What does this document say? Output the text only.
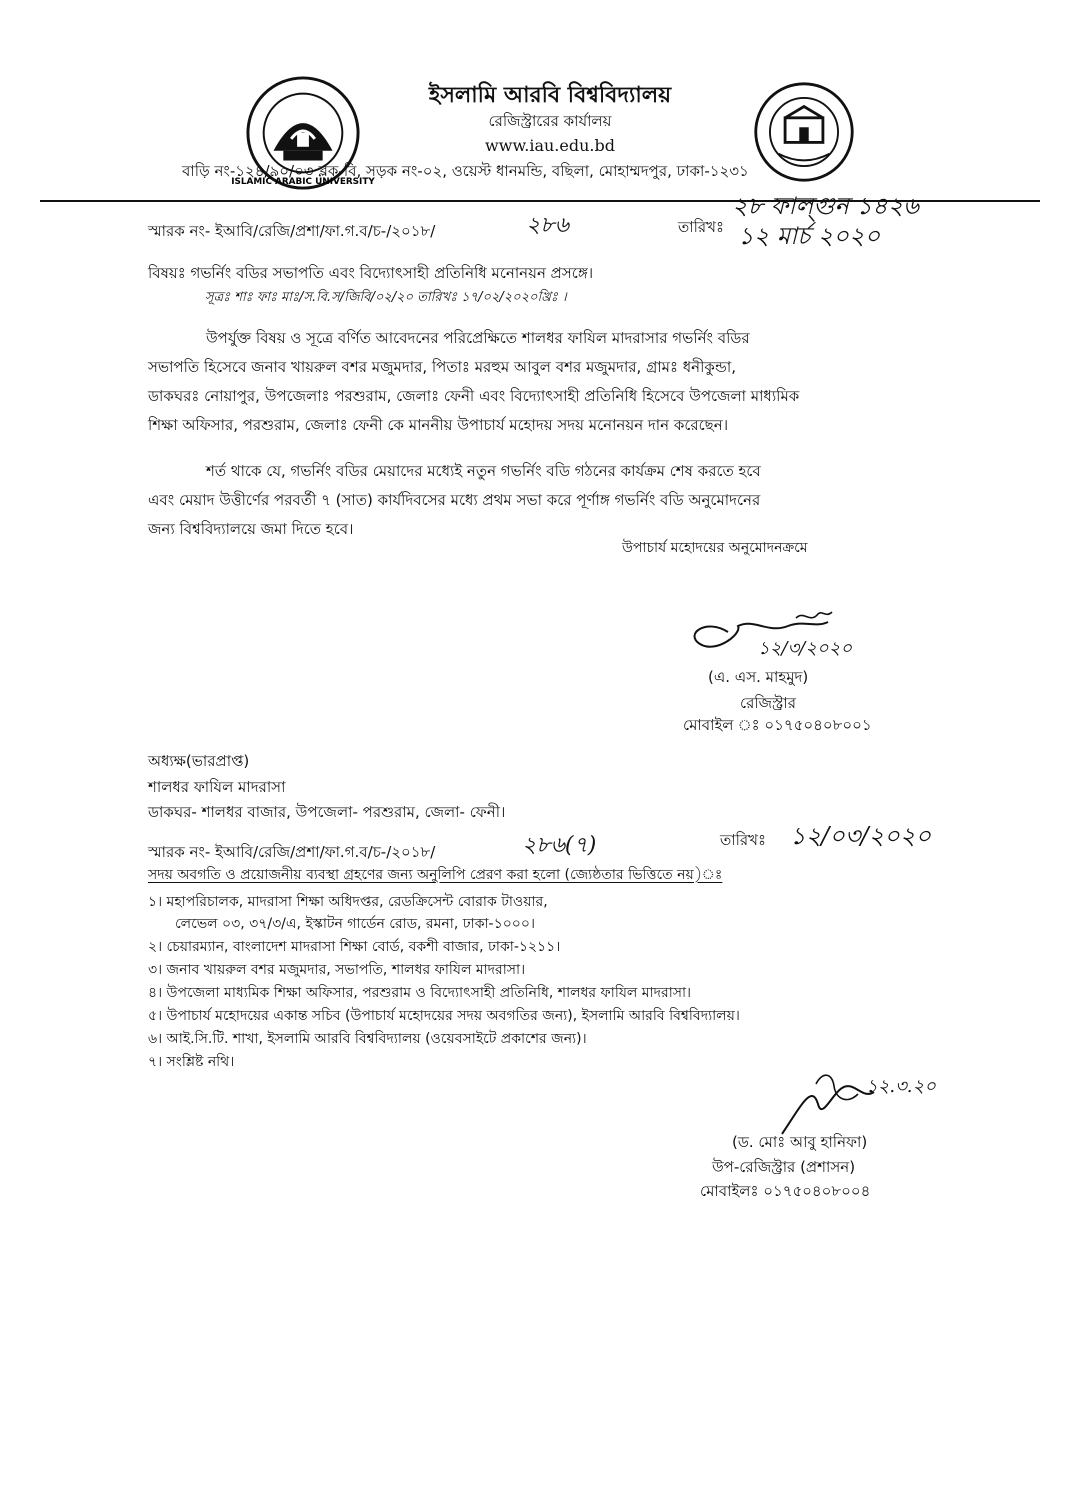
ISLAMIC ARABIC UNIVERSITY
ইসলামি আরবি বিশ্ববিদ্যালয়
রেজিস্ট্রারের কার্যালয়
www.iau.edu.bd
বাড়ি নং-১২৪/৯০/০৩ ব্লক-বি, সড়ক নং-০২, ওয়েস্ট ধানমন্ডি, বছিলা, মোহাম্মদপুর, ঢাকা-১২৩১
স্মারক নং- ইআবি/রেজি/প্রশা/ফা.গ.ব/চ-/২০১৮/	২৮৬	তারিখঃ
২৮ ফাল্গুন ১৪২৬
১২ মার্চ ২০২০
বিষয়ঃ গভর্নিং বডির সভাপতি এবং বিদ্যোৎসাহী প্রতিনিধি মনোনয়ন প্রসঙ্গে।
সূত্রঃ শাঃ ফাঃ মাঃ/স.বি.স/জিবি/০২/২০ তারিখঃ ১৭/০২/২০২০খ্রিঃ ।
উপর্যুক্ত বিষয় ও সূত্রে বর্ণিত আবেদনের পরিপ্রেক্ষিতে শালধর ফাযিল মাদরাসার গভর্নিং বডির
সভাপতি হিসেবে জনাব খায়রুল বশর মজুমদার, পিতাঃ মরহুম আবুল বশর মজুমদার, গ্রামঃ ধনীকুন্ডা,
ডাকঘরঃ নোয়াপুর, উপজেলাঃ পরশুরাম, জেলাঃ ফেনী এবং বিদ্যোৎসাহী প্রতিনিধি হিসেবে উপজেলা মাধ্যমিক
শিক্ষা অফিসার, পরশুরাম, জেলাঃ ফেনী কে মাননীয় উপাচার্য মহোদয় সদয় মনোনয়ন দান করেছেন।
শর্ত থাকে যে, গভর্নিং বডির মেয়াদের মধ্যেই নতুন গভর্নিং বডি গঠনের কার্যক্রম শেষ করতে হবে
এবং মেয়াদ উত্তীর্ণের পরবর্তী ৭ (সাত) কার্যদিবসের মধ্যে প্রথম সভা করে পূর্ণাঙ্গ গভর্নিং বডি অনুমোদনের
জন্য বিশ্ববিদ্যালয়ে জমা দিতে হবে।
উপাচার্য মহোদয়ের অনুমোদনক্রমে
১২/৩/২০২০
(এ. এস. মাহমুদ)
রেজিস্ট্রার
মোবাইল ঃ ০১৭৫০৪০৮০০১
অধ্যক্ষ(ভারপ্রাপ্ত)
শালধর ফাযিল মাদরাসা
ডাকঘর- শালধর বাজার, উপজেলা- পরশুরাম, জেলা- ফেনী।
স্মারক নং- ইআবি/রেজি/প্রশা/ফা.গ.ব/চ-/২০১৮/	২৮৬(৭)	তারিখঃ ১২/০৩/২০২০
সদয় অবগতি ও প্রয়োজনীয় ব্যবস্থা গ্রহণের জন্য অনুলিপি প্রেরণ করা হলো (জ্যেষ্ঠতার ভিত্তিতে নয়)ঃ
১। মহাপরিচালক, মাদরাসা শিক্ষা অধিদপ্তর, রেডক্রিসেন্ট বোরাক টাওয়ার,
লেভেল ০৩, ৩৭/৩/এ, ইস্কাটন গার্ডেন রোড, রমনা, ঢাকা-১০০০।
২। চেয়ারম্যান, বাংলাদেশ মাদরাসা শিক্ষা বোর্ড, বকশী বাজার, ঢাকা-১২১১।
৩। জনাব খায়রুল বশর মজুমদার, সভাপতি, শালধর ফাযিল মাদরাসা।
৪। উপজেলা মাধ্যমিক শিক্ষা অফিসার, পরশুরাম ও বিদ্যোৎসাহী প্রতিনিধি, শালধর ফাযিল মাদরাসা।
৫। উপাচার্য মহোদয়ের একান্ত সচিব (উপাচার্য মহোদয়ের সদয় অবগতির জন্য), ইসলামি আরবি বিশ্ববিদ্যালয়।
৬। আই.সি.টি. শাখা, ইসলামি আরবি বিশ্ববিদ্যালয় (ওয়েবসাইটে প্রকাশের জন্য)।
৭। সংশ্লিষ্ট নথি।
১২.৩.২০
(ড. মোঃ আবু হানিফা)
উপ-রেজিস্ট্রার (প্রশাসন)
মোবাইলঃ ০১৭৫০৪০৮০০৪
